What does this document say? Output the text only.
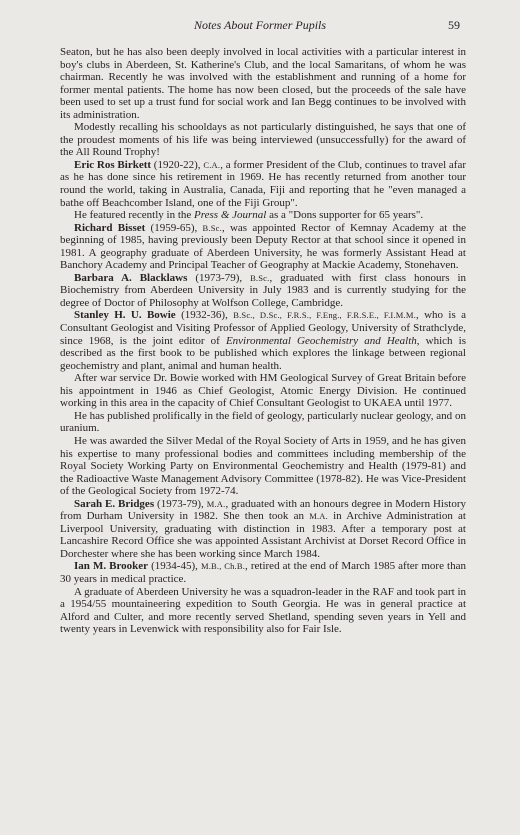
Notes About Former Pupils	59

Seaton, but he has also been deeply involved in local activities with a particular interest in boy's clubs in Aberdeen, St. Katherine's Club, and the local Samaritans, of whom he was chairman. Recently he was involved with the establishment and running of a home for former mental patients. The home has now been closed, but the proceeds of the sale have been used to set up a trust fund for social work and Ian Begg continues to be involved with its administration.

Modestly recalling his schooldays as not particularly distinguished, he says that one of the proudest moments of his life was being interviewed (unsuccessfully) for the award of the All Round Trophy!

Eric Ros Birkett (1920-22), C.A., a former President of the Club, continues to travel afar as he has done since his retirement in 1969. He has recently returned from another tour round the world, taking in Australia, Canada, Fiji and reporting that he "even managed a bathe off Beachcomber Island, one of the Fiji Group".

He featured recently in the Press & Journal as a "Dons supporter for 65 years".

Richard Bisset (1959-65), B.Sc., was appointed Rector of Kemnay Academy at the beginning of 1985, having previously been Deputy Rector at that school since it opened in 1981. A geography graduate of Aberdeen University, he was formerly Assistant Head at Banchory Academy and Principal Teacher of Geography at Mackie Academy, Stonehaven.

Barbara A. Blacklaws (1973-79), B.Sc., graduated with first class honours in Biochemistry from Aberdeen University in July 1983 and is currently studying for the degree of Doctor of Philosophy at Wolfson College, Cambridge.

Stanley H. U. Bowie (1932-36), B.Sc., D.Sc., F.R.S., F.Eng., F.R.S.E., F.I.M.M., who is a Consultant Geologist and Visiting Professor of Applied Geology, University of Strathclyde, since 1968, is the joint editor of Environmental Geochemistry and Health, which is described as the first book to be published which explores the linkage between regional geochemistry and plant, animal and human health.

After war service Dr. Bowie worked with HM Geological Survey of Great Britain before his appointment in 1946 as Chief Geologist, Atomic Energy Division. He continued working in this area in the capacity of Chief Consultant Geologist to UKAEA until 1977.

He has published prolifically in the field of geology, particularly nuclear geology, and on uranium.

He was awarded the Silver Medal of the Royal Society of Arts in 1959, and he has given his expertise to many professional bodies and committees including membership of the Royal Society Working Party on Environmental Geochemistry and Health (1979-81) and the Radioactive Waste Management Advisory Committee (1978-82). He was Vice-President of the Geological Society from 1972-74.

Sarah E. Bridges (1973-79), M.A., graduated with an honours degree in Modern History from Durham University in 1982. She then took an M.A. in Archive Administration at Liverpool University, graduating with distinction in 1983. After a temporary post at Lancashire Record Office she was appointed Assistant Archivist at Dorset Record Office in Dorchester where she has been working since March 1984.

Ian M. Brooker (1934-45), M.B., Ch.B., retired at the end of March 1985 after more than 30 years in medical practice.

A graduate of Aberdeen University he was a squadron-leader in the RAF and took part in a 1954/55 mountaineering expedition to South Georgia. He was in general practice at Alford and Culter, and more recently served Shetland, spending seven years in Yell and twenty years in Levenwick with responsibility also for Fair Isle.
